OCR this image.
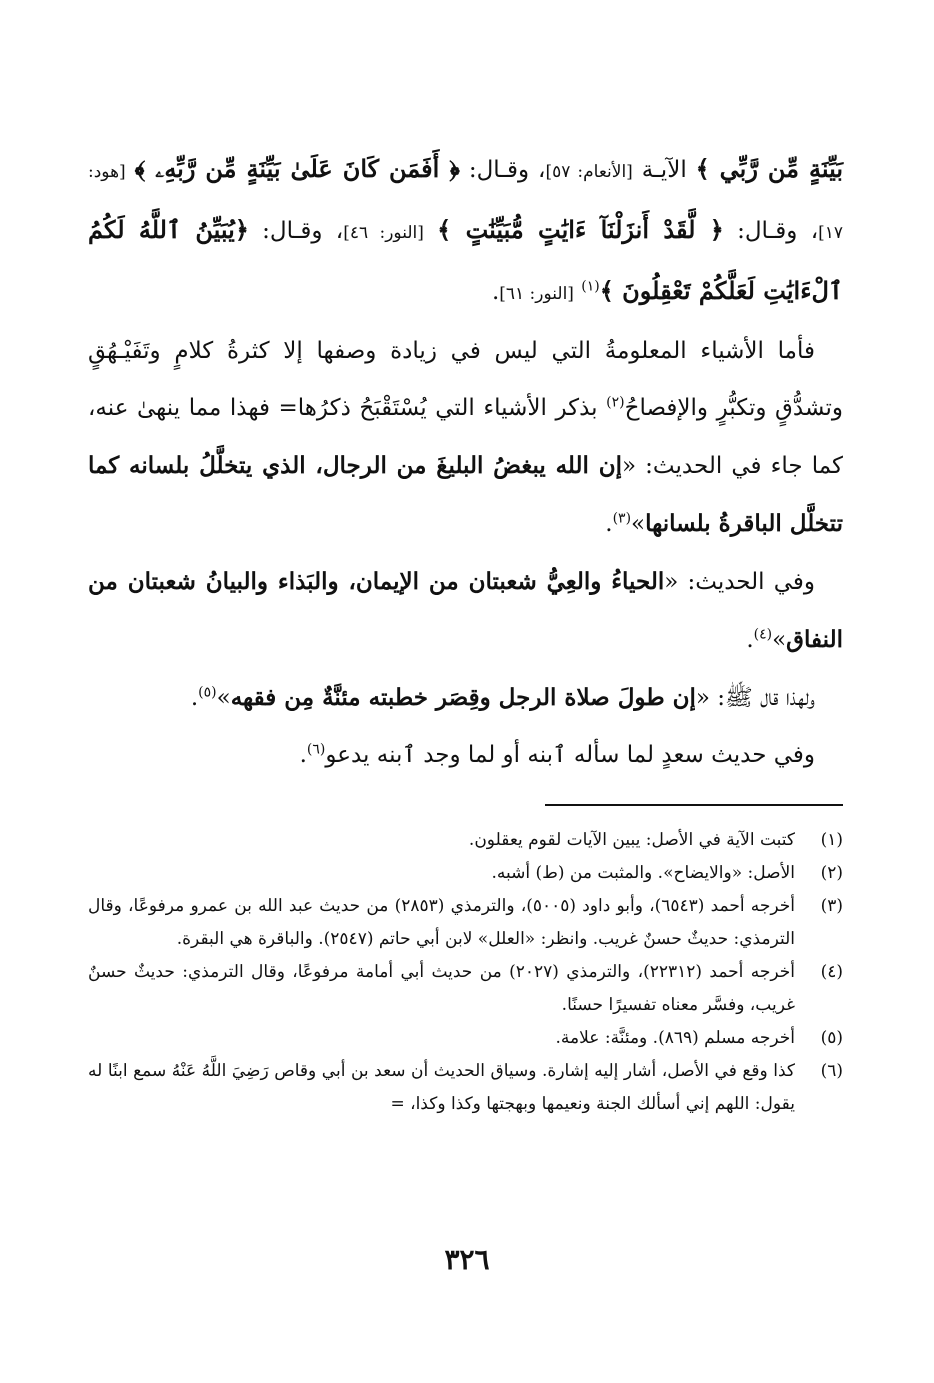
بَيِّنَةٍ مِّن رَّبِّي ﴾ الآيـة [الأنعام: ٥٧]، وقـال: ﴿ أَفَمَن كَانَ عَلَىٰ بَيِّنَةٍ مِّن رَّبِّهِۦ ﴾ [هود: ١٧]، وقـال: ﴿ لَّقَدْ أَنزَلْنَآ ءَايَٰتٍ مُّبَيِّنَٰتٍ ﴾ [النور: ٤٦]، وقـال: ﴿يُبَيِّنُ ٱللَّهُ لَكُمُ ٱلْءَايَٰتِ لَعَلَّكُمْ تَعْقِلُونَ ﴾$^{(١)}$ [النور: ٦١].

فأما الأشياء المعلومةُ التي ليس في زيادة وصفها إلا كثرةُ كلامٍ وتَفَيْـهُقٍ وتشدُّقٍ وتكبُّرٍ والإفصاحُ$^{(٢)}$ بذكر الأشياء التي يُسْتَقْبَحُ ذكرُها= فهذا مما ينهىٰ عنه، كما جاء في الحديث: «إن الله يبغضُ البليغَ من الرجال، الذي يتخلَّلُ بلسانه كما تتخلَّل الباقرةُ بلسانها»$^{(٣)}$.

وفي الحديث: «الحياءُ والعِيُّ شعبتان من الإيمان، والبَذاء والبيانُ شعبتان من النفاق»$^{(٤)}$.

ولهذا قال ﷺ: «إن طولَ صلاة الرجل وقِصَر خطبته مئنَّةٌ مِن فقهه»$^{(٥)}$.

وفي حديث سعدٍ لما سأله ٱبنه أو لما وجد ٱبنه يدعو$^{(٦)}$.

(١)
كتبت الآية في الأصل: يبين الآيات لقوم يعقلون.
(٢)
الأصل: «والايضاح». والمثبت من (ط) أشبه.
(٣)
أخرجه أحمد (٦٥٤٣)، وأبو داود (٥٠٠٥)، والترمذي (٢٨٥٣) من حديث عبد الله بن عمرو مرفوعًا، وقال الترمذي: حديثٌ حسنٌ غريب. وانظر: «العلل» لابن أبي حاتم (٢٥٤٧). والباقرة هي البقرة.
(٤)
أخرجه أحمد (٢٢٣١٢)، والترمذي (٢٠٢٧) من حديث أبي أمامة مرفوعًا، وقال الترمذي: حديثٌ حسنٌ غريب، وفسَّر معناه تفسيرًا حسنًا.
(٥)
أخرجه مسلم (٨٦٩). ومئنَّة: علامة.
(٦)
كذا وقع في الأصل، أشار إليه إشارة. وسياق الحديث أن سعد بن أبي وقاص رَضِيَ اللَّهُ عَنْهُ سمع ابنًا له يقول: اللهم إني أسألك الجنة ونعيمها وبهجتها وكذا وكذا، =
٣٢٦
